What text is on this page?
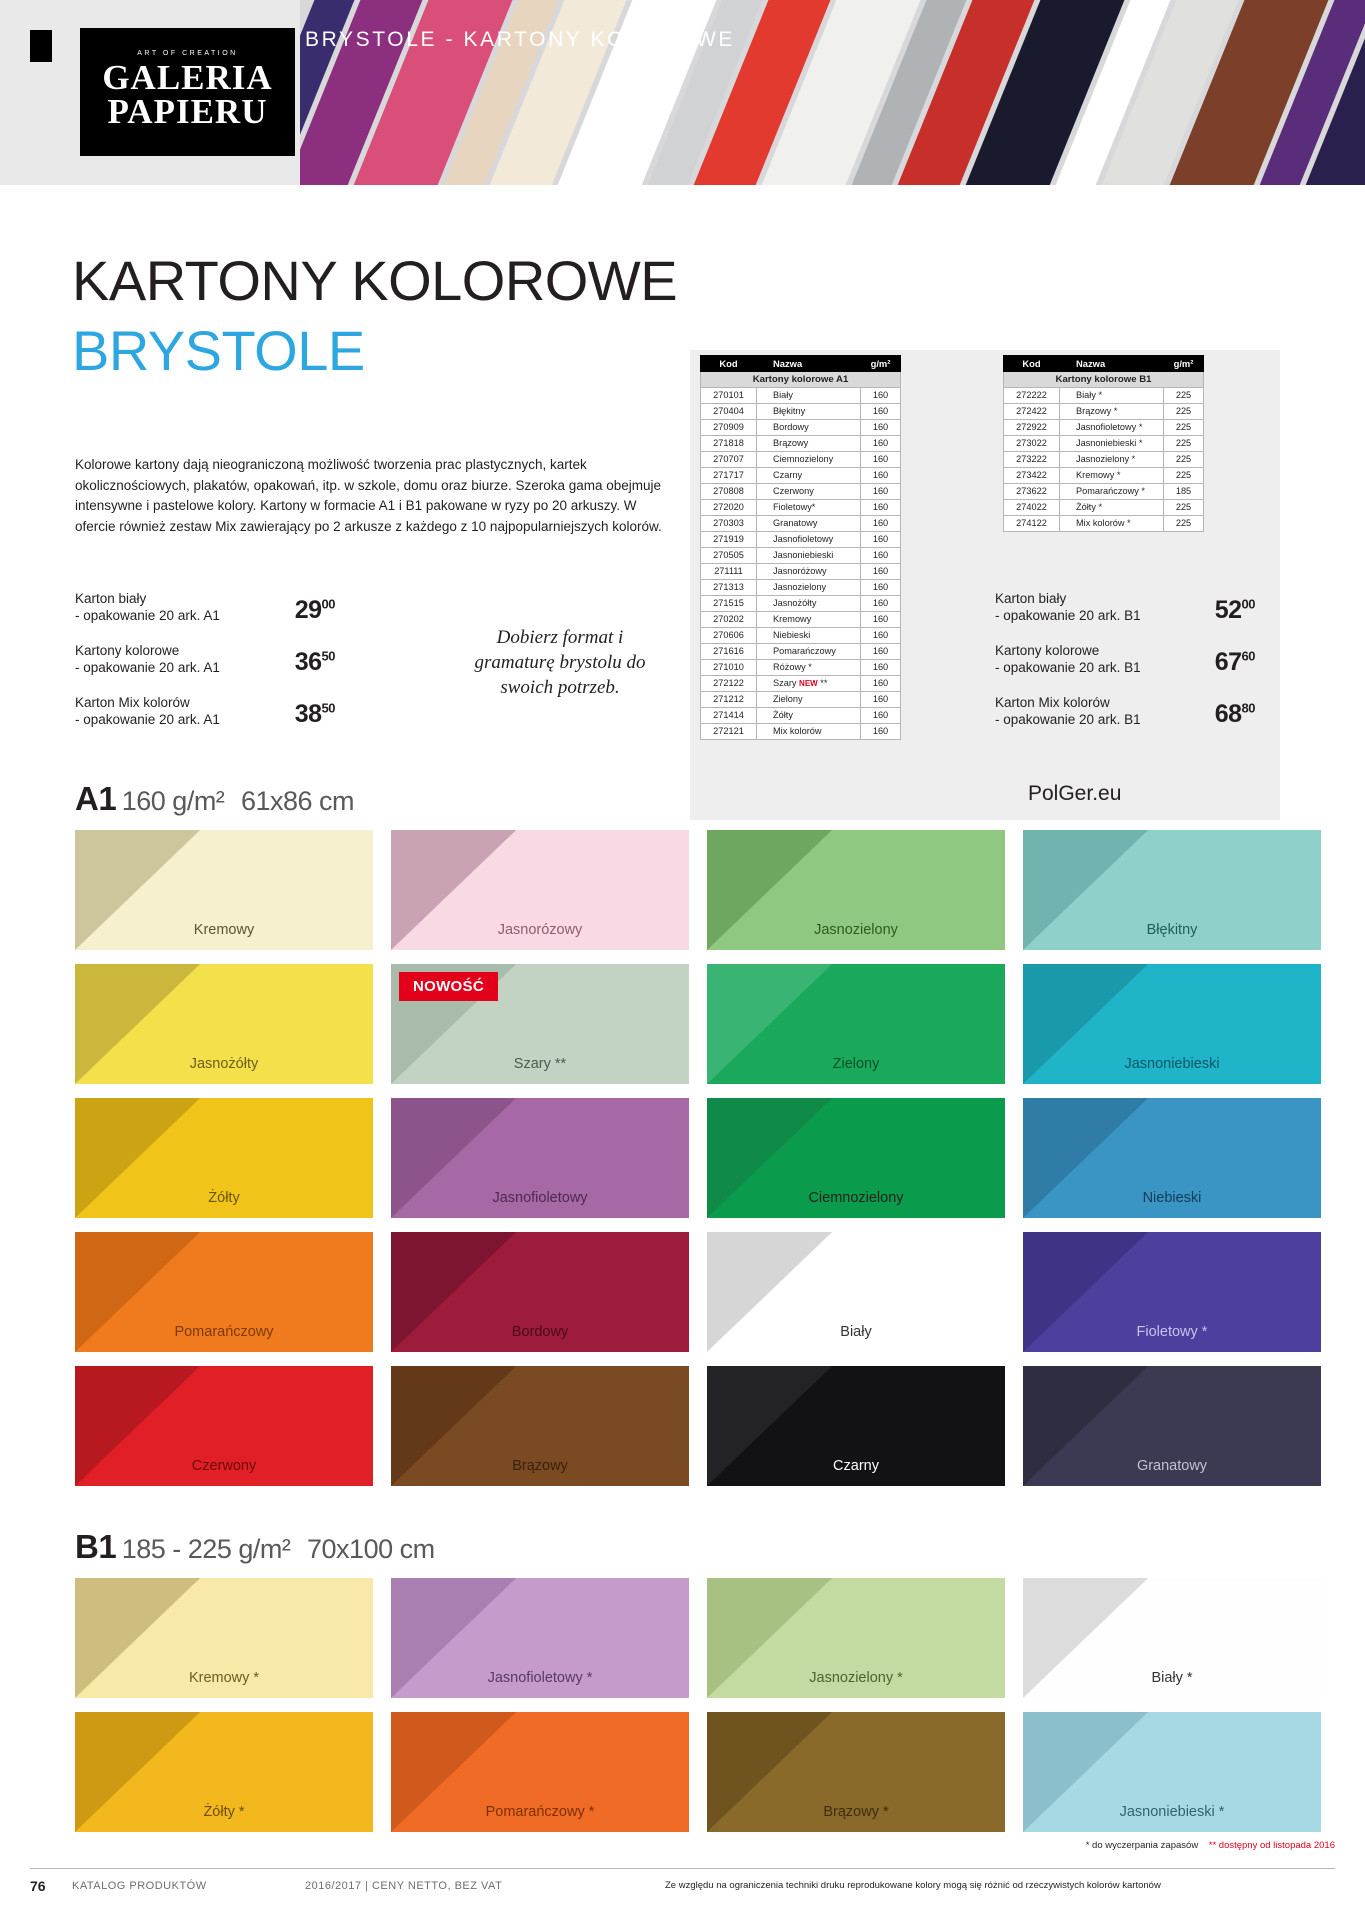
BRYSTOLE - KARTONY KOLOROWE
ART OF CREATION
GALERIA
PAPIERU
KARTONY KOLOROWE
BRYSTOLE
Kolorowe kartony dają nieograniczoną możliwość tworzenia prac plastycznych, kartek okolicznościowych, plakatów, opakowań, itp. w szkole, domu oraz biurze. Szeroka gama obejmuje intensywne i pastelowe kolory. Kartony w formacie A1 i B1 pakowane w ryzy po 20 arkuszy. W ofercie również zestaw Mix zawierający po 2 arkusze z każdego z 10 najpopularniejszych kolorów.
Karton biały
- opakowanie 20 ark. A1	$29^{00}$
Kartony kolorowe
- opakowanie 20 ark. A1	$36^{50}$
Karton Mix kolorów
- opakowanie 20 ark. A1	$38^{50}$
Kod	Nazwa	g/m²
Kartony kolorowe A1		
270101	Biały	160
270404	Błękitny	160
270909	Bordowy	160
271818	Brązowy	160
270707	Ciemnozielony	160
271717	Czarny	160
270808	Czerwony	160
272020	Fioletowy*	160
270303	Granatowy	160
271919	Jasnofioletowy	160
270505	Jasnoniebieski	160
271111	Jasnoróżowy	160
271313	Jasnozielony	160
271515	Jasnożółty	160
270202	Kremowy	160
270606	Niebieski	160
271616	Pomarańczowy	160
271010	Różowy *	160
272122	Szary NEW **	160
271212	Zielony	160
271414	Żółty	160
272121	Mix kolorów	160
Kod	Nazwa	g/m²
Kartony kolorowe B1		
272222	Biały *	225
272422	Brązowy *	225
272922	Jasnofioletowy *	225
273022	Jasnoniebieski *	225
273222	Jasnozielony *	225
273422	Kremowy *	225
273622	Pomarańczowy *	185
274022	Żółty *	225
274122	Mix kolorów *	225
Karton biały
- opakowanie 20 ark. B1	$52^{00}$
Kartony kolorowe
- opakowanie 20 ark. B1	$67^{60}$
Karton Mix kolorów
- opakowanie 20 ark. B1	$68^{80}$
PolGer.eu
Dobierz format i gramaturę brystolu do swoich potrzeb.
A1 160 g/m² 61x86 cm
Kremowy	Jasnorózowy	Jasnozielony	Błękitny
Jasnożółty
NOWOŚĆ
Szary **	Zielony	Jasnoniebieski
Żółty	Jasnofioletowy	Ciemnozielony	Niebieski
Pomarańczowy	Bordowy	Biały	Fioletowy *
Czerwony	Brązowy	Czarny	Granatowy
B1 185 - 225 g/m² 70x100 cm
Kremowy *	Jasnofioletowy *	Jasnozielony *	Biały *
Żółty *	Pomarańczowy *	Brązowy *	Jasnoniebieski *
* do wyczerpania zapasów ** dostępny od listopada 2016
76 KATALOG PRODUKTÓW	2016/2017 | CENY NETTO, BEZ VAT	Ze względu na ograniczenia techniki druku reprodukowane kolory mogą się różnić od rzeczywistych kolorów kartonów
